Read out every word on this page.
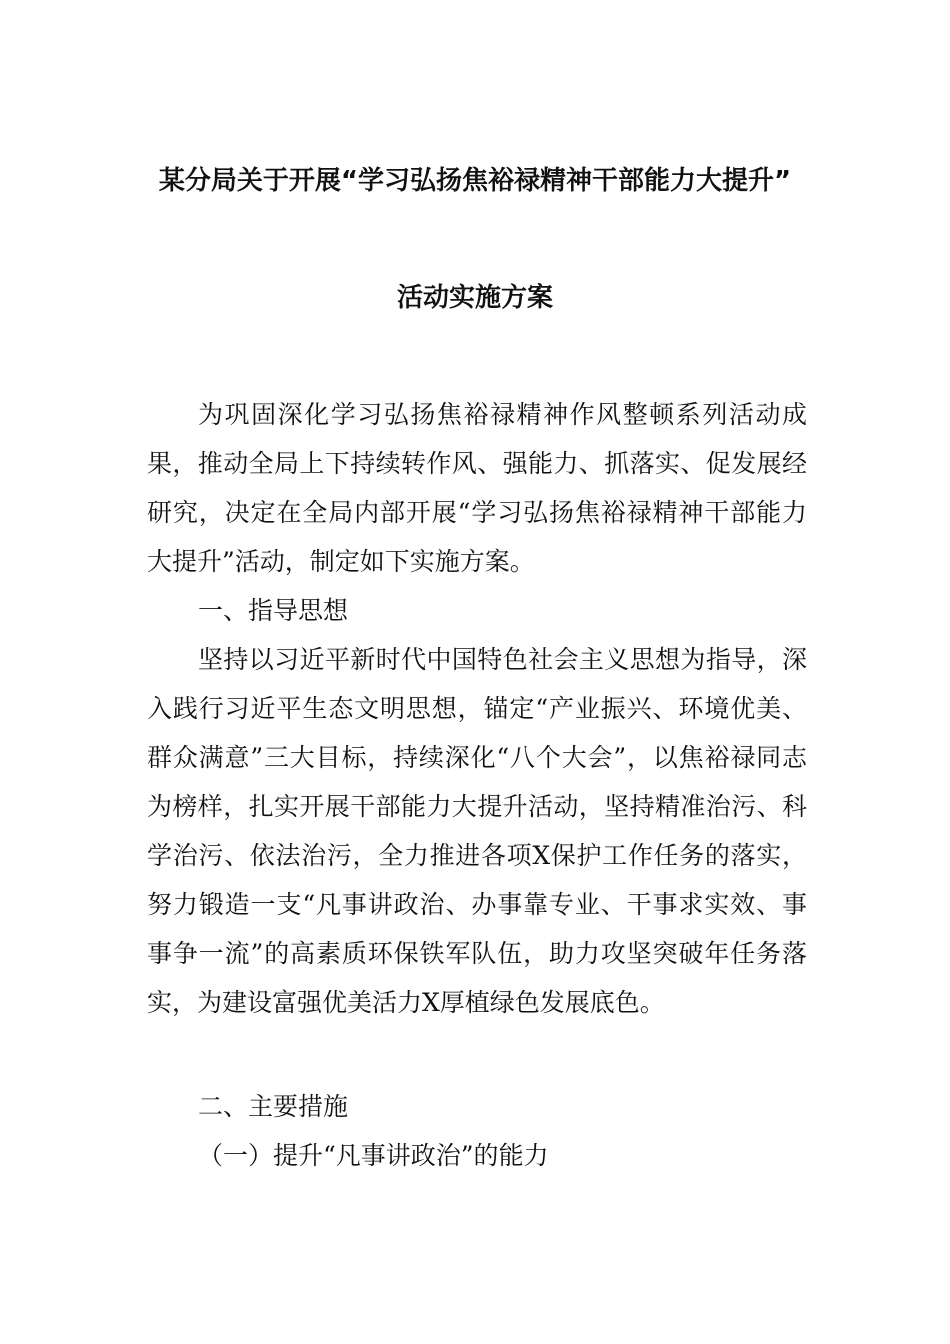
某分局关于开展“学习弘扬焦裕禄精神干部能力大提升”
活动实施方案

为巩固深化学习弘扬焦裕禄精神作风整顿系列活动成果，推动全局上下持续转作风、强能力、抓落实、促发展经研究，决定在全局内部开展“学习弘扬焦裕禄精神干部能力大提升”活动，制定如下实施方案。

一、指导思想

坚持以习近平新时代中国特色社会主义思想为指导，深入践行习近平生态文明思想，锚定“产业振兴、环境优美、群众满意”三大目标，持续深化“八个大会”，以焦裕禄同志为榜样，扎实开展干部能力大提升活动，坚持精准治污、科学治污、依法治污，全力推进各项X保护工作任务的落实，努力锻造一支“凡事讲政治、办事靠专业、干事求实效、事事争一流”的高素质环保铁军队伍，助力攻坚突破年任务落实，为建设富强优美活力X厚植绿色发展底色。

二、主要措施

（一）提升“凡事讲政治”的能力
